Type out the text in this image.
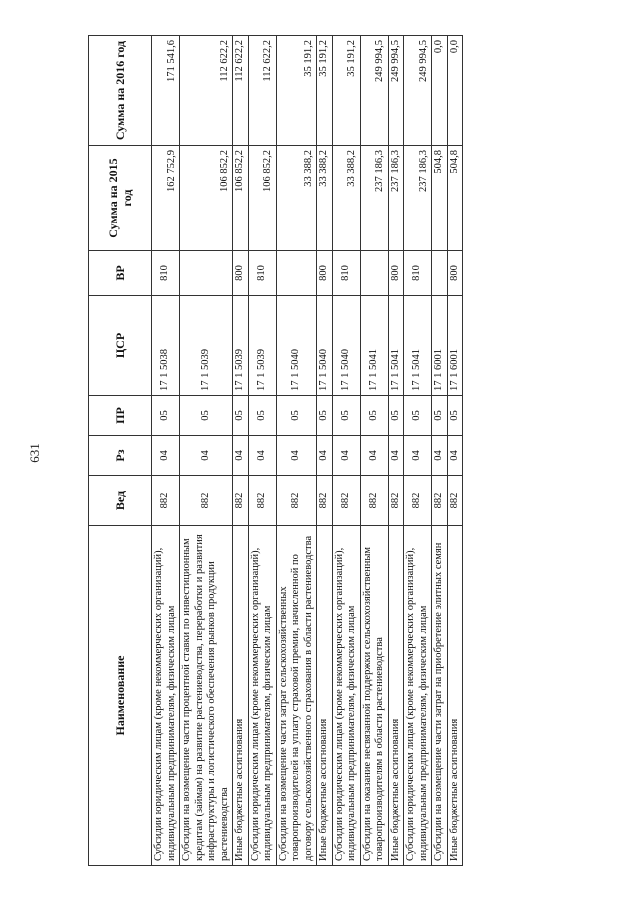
631
Наименование	Вед	Рз	ПР	ЦСР	ВР	Сумма на 2015 год	Сумма на 2016 год
Субсидии юридическим лицам (кроме некоммерческих организаций), индивидуальным предпринимателям, физическим лицам	882	04	05	17 1 5038	810	162 752,9	171 541,6
Субсидии на возмещение части процентной ставки по инвестиционным кредитам (займам) на развитие растениеводства, переработки и развития инфраструктуры и логистического обеспечения рынков продукции растениеводства	882	04	05	17 1 5039		106 852,2	112 622,2
Иные бюджетные ассигнования	882	04	05	17 1 5039	800	106 852,2	112 622,2
Субсидии юридическим лицам (кроме некоммерческих организаций), индивидуальным предпринимателям, физическим лицам	882	04	05	17 1 5039	810	106 852,2	112 622,2
Субсидии на возмещение части затрат сельскохозяйственных товаропроизводителей на уплату страховой премии, начисленной по договору сельскохозяйственного страхования в области растениеводства	882	04	05	17 1 5040		33 388,2	35 191,2
Иные бюджетные ассигнования	882	04	05	17 1 5040	800	33 388,2	35 191,2
Субсидии юридическим лицам (кроме некоммерческих организаций), индивидуальным предпринимателям, физическим лицам	882	04	05	17 1 5040	810	33 388,2	35 191,2
Субсидии на оказание несвязанной поддержки сельскохозяйственным товаропроизводителям в области растениеводства	882	04	05	17 1 5041		237 186,3	249 994,5
Иные бюджетные ассигнования	882	04	05	17 1 5041	800	237 186,3	249 994,5
Субсидии юридическим лицам (кроме некоммерческих организаций), индивидуальным предпринимателям, физическим лицам	882	04	05	17 1 5041	810	237 186,3	249 994,5
Субсидии на возмещение части затрат на приобретение элитных семян	882	04	05	17 1 6001		504,8	0,0
Иные бюджетные ассигнования	882	04	05	17 1 6001	800	504,8	0,0
